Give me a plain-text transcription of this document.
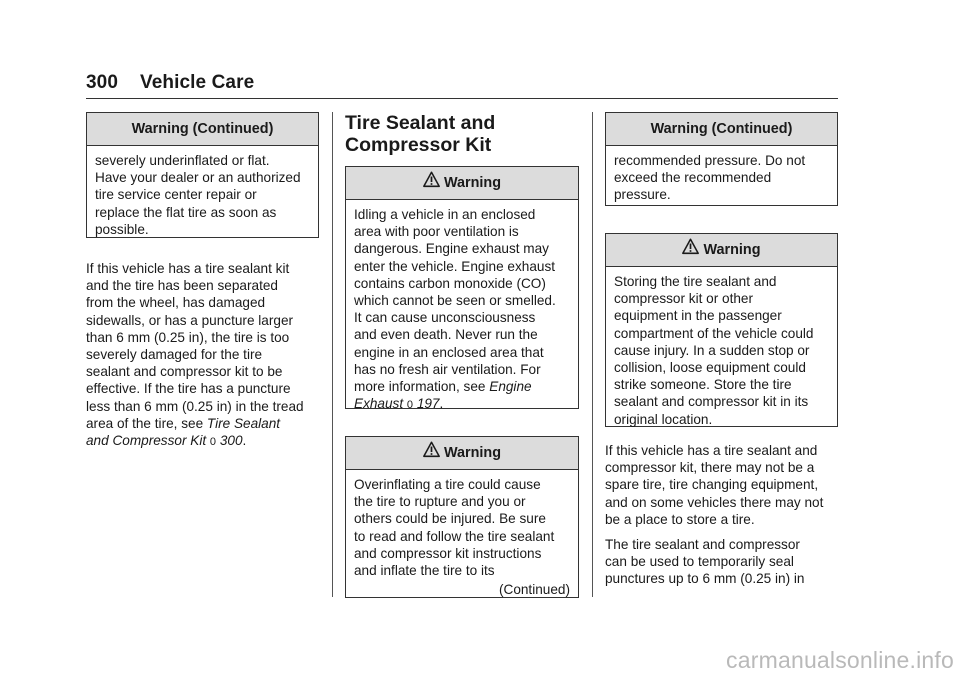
300 Vehicle Care
Warning (Continued)
severely underinflated or flat.
Have your dealer or an authorized
tire service center repair or
replace the flat tire as soon as
possible.
If this vehicle has a tire sealant kit
and the tire has been separated
from the wheel, has damaged
sidewalls, or has a puncture larger
than 6 mm (0.25 in), the tire is too
severely damaged for the tire
sealant and compressor kit to be
effective. If the tire has a puncture
less than 6 mm (0.25 in) in the tread
area of the tire, see Tire Sealant
and Compressor Kit 0 300.
Tire Sealant and
Compressor Kit
Warning
Idling a vehicle in an enclosed
area with poor ventilation is
dangerous. Engine exhaust may
enter the vehicle. Engine exhaust
contains carbon monoxide (CO)
which cannot be seen or smelled.
It can cause unconsciousness
and even death. Never run the
engine in an enclosed area that
has no fresh air ventilation. For
more information, see Engine
Exhaust 0 197.
Warning
Overinflating a tire could cause
the tire to rupture and you or
others could be injured. Be sure
to read and follow the tire sealant
and compressor kit instructions
and inflate the tire to its
(Continued)
Warning (Continued)
recommended pressure. Do not
exceed the recommended
pressure.
Warning
Storing the tire sealant and
compressor kit or other
equipment in the passenger
compartment of the vehicle could
cause injury. In a sudden stop or
collision, loose equipment could
strike someone. Store the tire
sealant and compressor kit in its
original location.
If this vehicle has a tire sealant and
compressor kit, there may not be a
spare tire, tire changing equipment,
and on some vehicles there may not
be a place to store a tire.
The tire sealant and compressor
can be used to temporarily seal
punctures up to 6 mm (0.25 in) in
carmanualsonline.info
